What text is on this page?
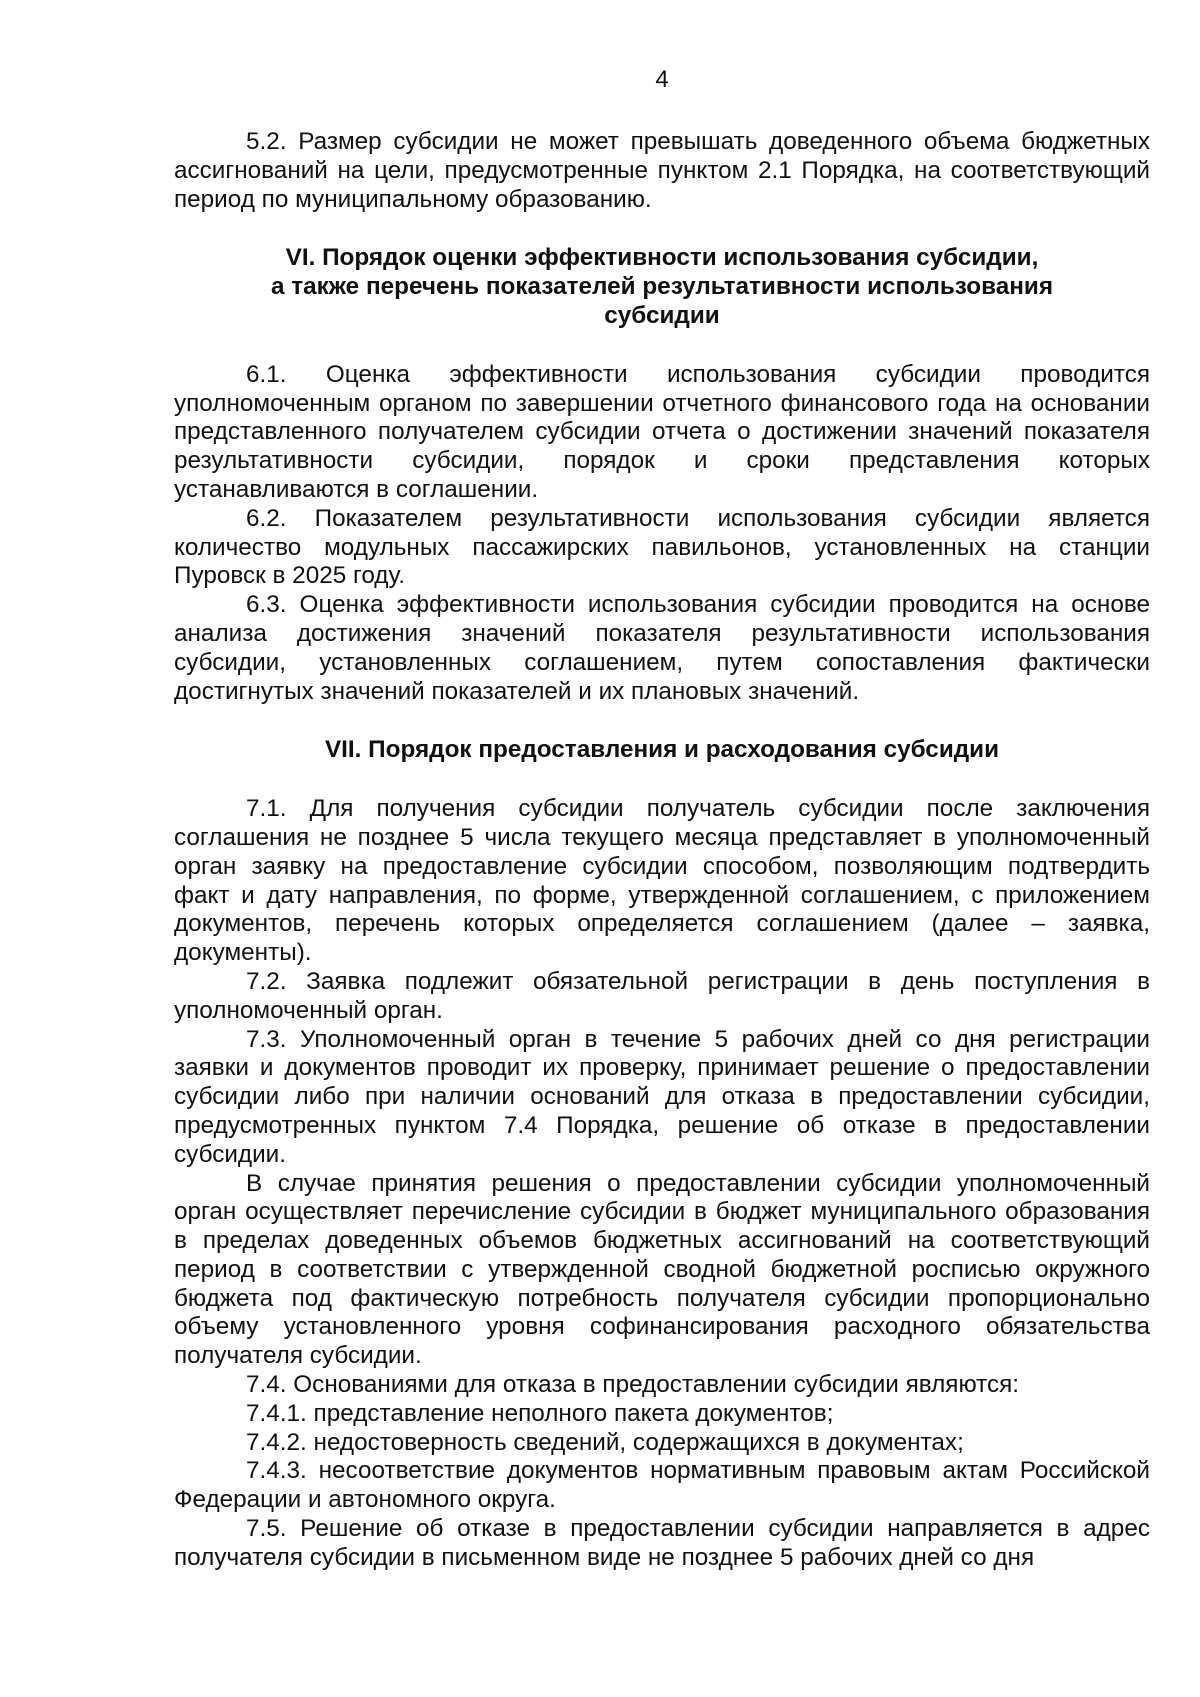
4

5.2. Размер субсидии не может превышать доведенного объема бюджетных ассигнований на цели, предусмотренные пунктом 2.1 Порядка, на соответствующий период по муниципальному образованию.

VI. Порядок оценки эффективности использования субсидии,
а также перечень показателей результативности использования
субсидии

6.1. Оценка эффективности использования субсидии проводится уполномоченным органом по завершении отчетного финансового года на основании представленного получателем субсидии отчета о достижении значений показателя результативности субсидии, порядок и сроки представления которых устанавливаются в соглашении.

6.2. Показателем результативности использования субсидии является количество модульных пассажирских павильонов, установленных на станции Пуровск в 2025 году.

6.3. Оценка эффективности использования субсидии проводится на основе анализа достижения значений показателя результативности использования субсидии, установленных соглашением, путем сопоставления фактически достигнутых значений показателей и их плановых значений.

VII. Порядок предоставления и расходования субсидии

7.1. Для получения субсидии получатель субсидии после заключения соглашения не позднее 5 числа текущего месяца представляет в уполномоченный орган заявку на предоставление субсидии способом, позволяющим подтвердить факт и дату направления, по форме, утвержденной соглашением, с приложением документов, перечень которых определяется соглашением (далее – заявка, документы).

7.2. Заявка подлежит обязательной регистрации в день поступления в уполномоченный орган.

7.3. Уполномоченный орган в течение 5 рабочих дней со дня регистрации заявки и документов проводит их проверку, принимает решение о предоставлении субсидии либо при наличии оснований для отказа в предоставлении субсидии, предусмотренных пунктом 7.4 Порядка, решение об отказе в предоставлении субсидии.

В случае принятия решения о предоставлении субсидии уполномоченный орган осуществляет перечисление субсидии в бюджет муниципального образования в пределах доведенных объемов бюджетных ассигнований на соответствующий период в соответствии с утвержденной сводной бюджетной росписью окружного бюджета под фактическую потребность получателя субсидии пропорционально объему установленного уровня софинансирования расходного обязательства получателя субсидии.

7.4. Основаниями для отказа в предоставлении субсидии являются:

7.4.1. представление неполного пакета документов;

7.4.2. недостоверность сведений, содержащихся в документах;

7.4.3. несоответствие документов нормативным правовым актам Российской Федерации и автономного округа.

7.5. Решение об отказе в предоставлении субсидии направляется в адрес получателя субсидии в письменном виде не позднее 5 рабочих дней со дня
